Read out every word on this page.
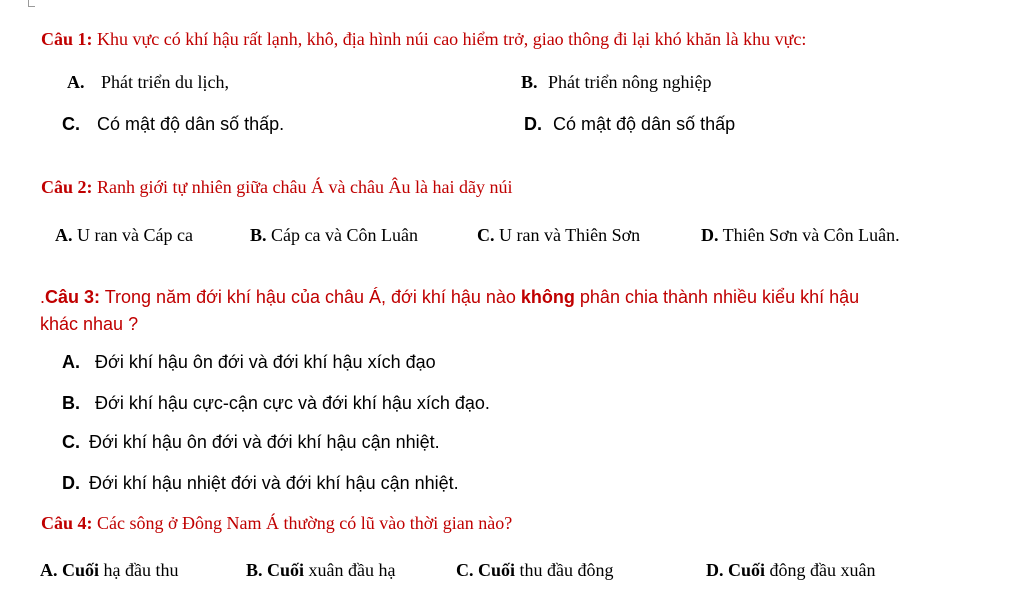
Câu 1: Khu vực có khí hậu rất lạnh, khô, địa hình núi cao hiểm trở, giao thông đi lại khó khăn là khu vực:
A. Phát triển du lịch,	B. Phát triển nông nghiệp
C. Có mật độ dân số thấp.	D. Có mật độ dân số thấp
Câu 2: Ranh giới tự nhiên giữa châu Á và châu Âu là hai dãy núi
A. U ran và Cáp ca	B. Cáp ca và Côn Luân	C. U ran và Thiên Sơn	D. Thiên Sơn và Côn Luân.
.Câu 3: Trong năm đới khí hậu của châu Á, đới khí hậu nào không phân chia thành nhiều kiểu khí hậu
khác nhau ?
A. Đới khí hậu ôn đới và đới khí hậu xích đạo
B. Đới khí hậu cực-cận cực và đới khí hậu xích đạo.
C. Đới khí hậu ôn đới và đới khí hậu cận nhiệt.
D. Đới khí hậu nhiệt đới và đới khí hậu cận nhiệt.
Câu 4: Các sông ở Đông Nam Á thường có lũ vào thời gian nào?
A. Cuối hạ đầu thu	B. Cuối xuân đầu hạ	C. Cuối thu đầu đông	D. Cuối đông đầu xuân
